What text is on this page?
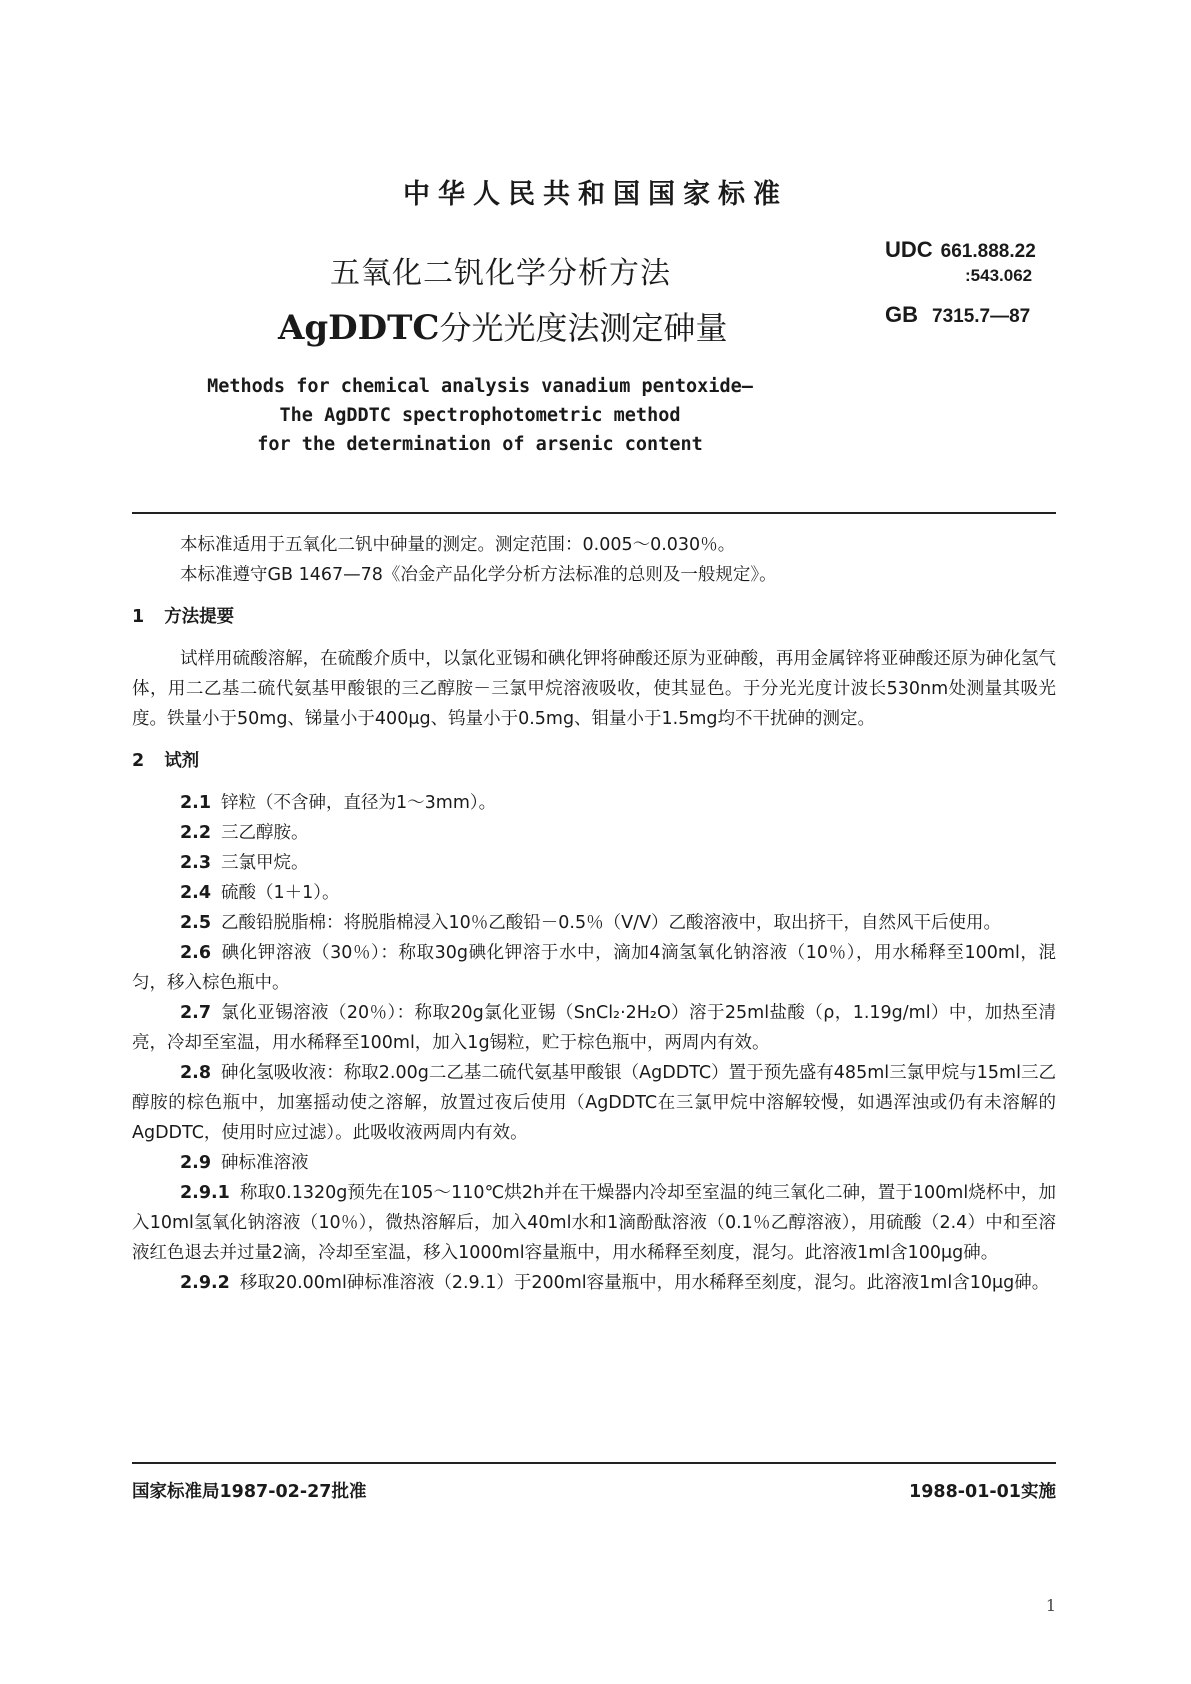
中华人民共和国国家标准
UDC 661.888.22
:543.062
GB 7315.7—87
五氧化二钒化学分析方法
AgDDTC分光光度法测定砷量
Methods for chemical analysis vanadium pentoxide—
The AgDDTC spectrophotometric method
for the determination of arsenic content

本标准适用于五氧化二钒中砷量的测定。测定范围：0.005～0.030％。

本标准遵守GB 1467—78《冶金产品化学分析方法标准的总则及一般规定》。

1 方法提要

试样用硫酸溶解，在硫酸介质中，以氯化亚锡和碘化钾将砷酸还原为亚砷酸，再用金属锌将亚砷酸还原为砷化氢气体，用二乙基二硫代氨基甲酸银的三乙醇胺－三氯甲烷溶液吸收，使其显色。于分光光度计波长530nm处测量其吸光度。铁量小于50mg、锑量小于400μg、钨量小于0.5mg、钼量小于1.5mg均不干扰砷的测定。

2 试剂

2.1 锌粒（不含砷，直径为1～3mm）。

2.2 三乙醇胺。

2.3 三氯甲烷。

2.4 硫酸（1＋1）。

2.5 乙酸铅脱脂棉：将脱脂棉浸入10％乙酸铅－0.5％（V/V）乙酸溶液中，取出挤干，自然风干后使用。

2.6 碘化钾溶液（30％）：称取30g碘化钾溶于水中，滴加4滴氢氧化钠溶液（10％），用水稀释至100ml，混匀，移入棕色瓶中。

2.7 氯化亚锡溶液（20％）：称取20g氯化亚锡（SnCl₂·2H₂O）溶于25ml盐酸（ρ，1.19g/ml）中，加热至清亮，冷却至室温，用水稀释至100ml，加入1g锡粒，贮于棕色瓶中，两周内有效。

2.8 砷化氢吸收液：称取2.00g二乙基二硫代氨基甲酸银（AgDDTC）置于预先盛有485ml三氯甲烷与15ml三乙醇胺的棕色瓶中，加塞摇动使之溶解，放置过夜后使用（AgDDTC在三氯甲烷中溶解较慢，如遇浑浊或仍有未溶解的AgDDTC，使用时应过滤）。此吸收液两周内有效。

2.9 砷标准溶液

2.9.1 称取0.1320g预先在105～110℃烘2h并在干燥器内冷却至室温的纯三氧化二砷，置于100ml烧杯中，加入10ml氢氧化钠溶液（10％），微热溶解后，加入40ml水和1滴酚酞溶液（0.1％乙醇溶液），用硫酸（2.4）中和至溶液红色退去并过量2滴，冷却至室温，移入1000ml容量瓶中，用水稀释至刻度，混匀。此溶液1ml含100μg砷。

2.9.2 移取20.00ml砷标准溶液（2.9.1）于200ml容量瓶中，用水稀释至刻度，混匀。此溶液1ml含10μg砷。

国家标准局1987-02-27批准	1988-01-01实施
1
